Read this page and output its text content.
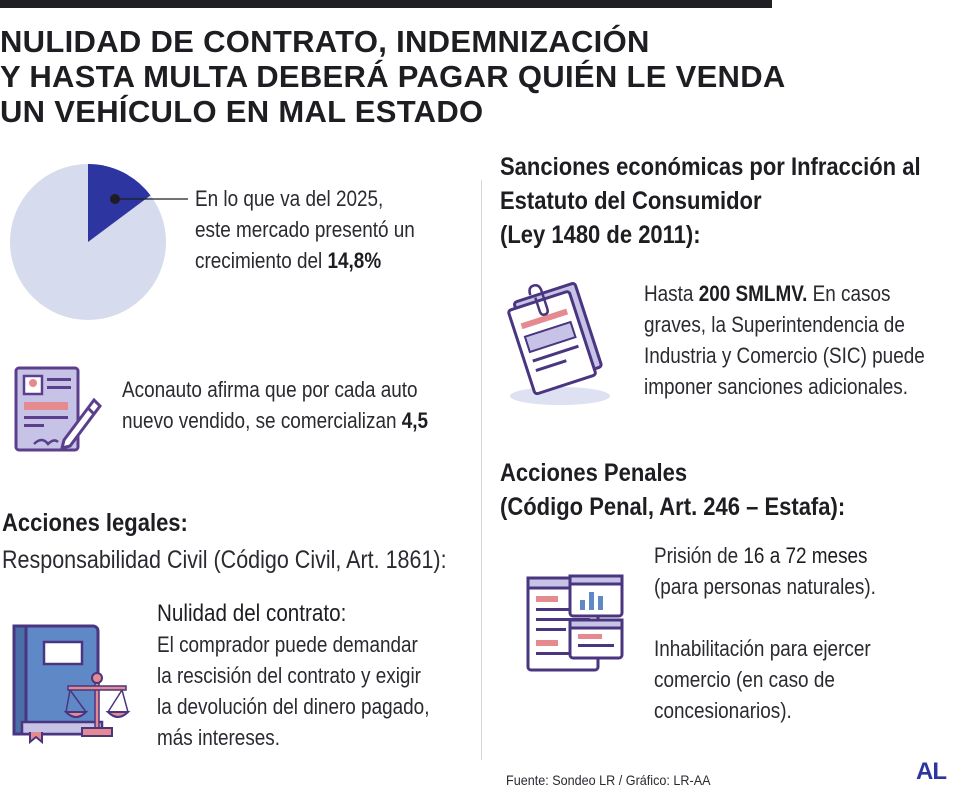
NULIDAD DE CONTRATO, INDEMNIZACIÓN
Y HASTA MULTA DEBERÁ PAGAR QUIÉN LE VENDA
UN VEHÍCULO EN MAL ESTADO
En lo que va del 2025,
este mercado presentó un
crecimiento del 14,8%
Aconauto afirma que por cada auto
nuevo vendido, se comercializan 4,5
Acciones legales:
Responsabilidad Civil (Código Civil, Art. 1861):
Nulidad del contrato:
El comprador puede demandar
la rescisión del contrato y exigir
la devolución del dinero pagado,
más intereses.
Sanciones económicas por Infracción al
Estatuto del Consumidor
(Ley 1480 de 2011):
Hasta 200 SMLMV. En casos
graves, la Superintendencia de
Industria y Comercio (SIC) puede
imponer sanciones adicionales.
Acciones Penales
(Código Penal, Art. 246 – Estafa):
Prisión de 16 a 72 meses
(para personas naturales).
Inhabilitación para ejercer
comercio (en caso de
concesionarios).
Fuente: Sondeo LR / Gráfico: LR-AA	AL
